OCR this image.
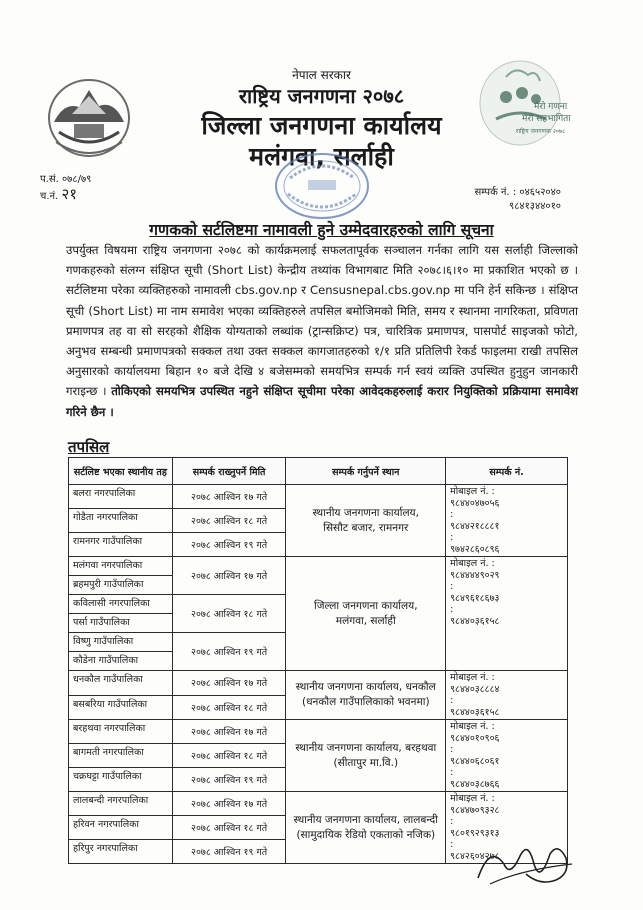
नेपाल सरकार
राष्ट्रिय जनगणना २०७८
जिल्ला जनगणना कार्यालय
मलंगवा, सर्लाही
मेरो गणना
मेरो सहभागिता
राष्ट्रिय जनगणना २०७८
प.सं. ०७८/७९
च.नं. २१	सम्पर्क नं. : ०४६५२०४०
९८४१३४४०१०
गणकको सर्टलिष्टमा नामावली हुने उम्मेदवारहरुको लागि सूचना
उपर्युक्त विषयमा राष्ट्रिय जनगणना २०७८ को कार्यक्रमलाई सफलतापूर्वक सञ्चालन गर्नका लागि यस सर्लाही जिल्लाको गणकहरुको संलग्न संक्षिप्त सूची (Short List) केन्द्रीय तथ्यांक विभागबाट मिति २०७८।६।१० मा प्रकाशित भएको छ । सर्टलिष्टमा परेका व्यक्तिहरुको नामावली cbs.gov.np र Censusnepal.cbs.gov.np मा पनि हेर्न सकिन्छ । संक्षिप्त सूची (Short List) मा नाम समावेश भएका व्यक्तिहरुले तपसिल बमोजिमको मिति, समय र स्थानमा नागरिकता, प्रविणता प्रमाणपत्र तह वा सो सरहको शैक्षिक योग्यताको लब्धांक (ट्रान्सक्रिप्ट) पत्र, चारित्रिक प्रमाणपत्र, पासपोर्ट साइजको फोटो, अनुभव सम्बन्धी प्रमाणपत्रको सक्कल तथा उक्त सक्कल कागजातहरुको १/१ प्रति प्रतिलिपी रेकर्ड फाइलमा राखी तपसिल अनुसारको कार्यालयमा बिहान १० बजे देखि ४ बजेसम्मको समयभित्र सम्पर्क गर्न स्वयं व्यक्ति उपस्थित हुनुहुन जानकारी गराइन्छ । तोकिएको समयभित्र उपस्थित नहुने संक्षिप्त सूचीमा परेका आवेदकहरुलाई करार नियुक्तिको प्रक्रियामा समावेश गरिने छैन ।
तपसिल
सर्टलिष्ट भएका स्थानीय तह	सम्पर्क राख्नुपर्ने मिति	सम्पर्क गर्नुपर्ने स्थान	सम्पर्क नं.
बलरा नगरपालिका	२०७८ आश्विन १७ गते	स्थानीय जनगणना कार्यालय,
सिसौट बजार, रामनगर	मोबाइल नं. :९८४४०४७०५६
:९८४४२१८८८१
:९७४२८६०८९६
गोडैता नगरपालिका	२०७८ आश्विन १८ गते		
रामनगर गाउँपालिका	२०७८ आश्विन १९ गते		
मलंगवा नगरपालिका	२०७८ आश्विन १७ गते	जिल्ला जनगणना कार्यालय,
मलंगवा, सर्लाही	मोबाइल नं. :९८४४४४९०२९
:९८४९६१८६७३
:९८४४०३६१५८
ब्रहमपुरी गाउँपालिका			
कविलासी नगरपालिका	२०७८ आश्विन १८ गते		
पर्सा गाउँपालिका			
विष्णु गाउँपालिका	२०७८ आश्विन १९ गते		
कौडेना गाउँपालिका			
धनकौल गाउँपालिका	२०७८ आश्विन १७ गते	स्थानीय जनगणना कार्यालय, धनकौल
(धनकौल गाउँपालिकाको भवनमा)	मोबाइल नं. :९८४४०३८८८४
:९८४४०३६१५८
बसबरिया गाउँपालिका	२०७८ आश्विन १८ गते		
बरहथवा नगरपालिका	२०७८ आश्विन १७ गते	स्थानीय जनगणना कार्यालय, बरहथवा
(सीतापुर मा.वि.)	मोबाइल नं. :९८४४०१०९०६
:९८४४०६८०६१
:९८४४०३८७६६
बागमती नगरपालिका	२०७८ आश्विन १८ गते		
चक्रघट्टा गाउँपालिका	२०७८ आश्विन १९ गते		
लालबन्दी नगरपालिका	२०७८ आश्विन १७ गते	स्थानीय जनगणना कार्यालय, लालबन्दी
(सामुदायिक रेडियो एकताको नजिक)	मोबाइल नं. :९८४४७०९३२८
:९८०१९२९३१३
:९८४२६०४२७८
हरिवन नगरपालिका	२०७८ आश्विन १८ गते		
हरिपुर नगरपालिका	२०७८ आश्विन १९ गते		
